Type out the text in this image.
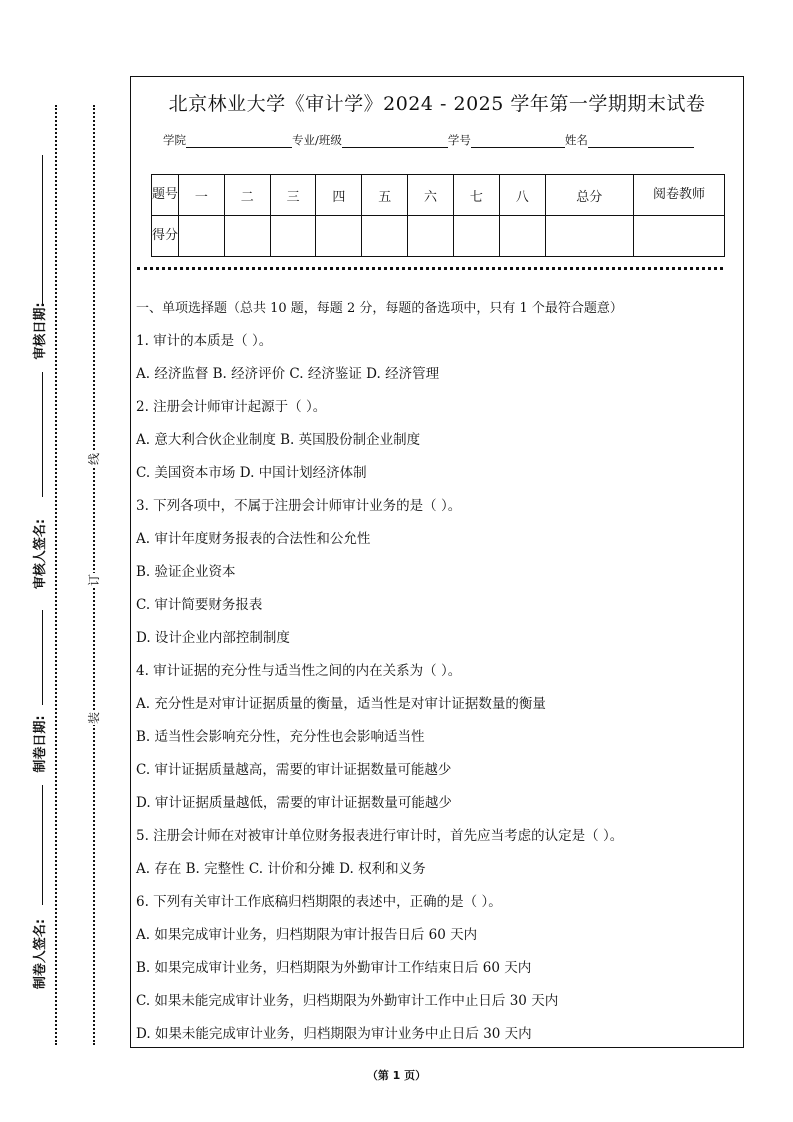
审核日期:
审核人签名:
制卷日期:
制卷人签名:
线
订
装
北京林业大学《审计学》2024 - 2025 学年第一学期期末试卷
学院	专业/班级	学号	姓名
题号	一	二	三	四	五	六	七	八	总分	阅卷教师
得分										
一、单项选择题（总共 10 题，每题 2 分，每题的备选项中，只有 1 个最符合题意）
1. 审计的本质是（ ）。
A. 经济监督 B. 经济评价 C. 经济鉴证 D. 经济管理
2. 注册会计师审计起源于（ ）。
A. 意大利合伙企业制度 B. 英国股份制企业制度
C. 美国资本市场 D. 中国计划经济体制
3. 下列各项中，不属于注册会计师审计业务的是（ ）。
A. 审计年度财务报表的合法性和公允性
B. 验证企业资本
C. 审计简要财务报表
D. 设计企业内部控制制度
4. 审计证据的充分性与适当性之间的内在关系为（ ）。
A. 充分性是对审计证据质量的衡量，适当性是对审计证据数量的衡量
B. 适当性会影响充分性，充分性也会影响适当性
C. 审计证据质量越高，需要的审计证据数量可能越少
D. 审计证据质量越低，需要的审计证据数量可能越少
5. 注册会计师在对被审计单位财务报表进行审计时，首先应当考虑的认定是（ ）。
A. 存在 B. 完整性 C. 计价和分摊 D. 权利和义务
6. 下列有关审计工作底稿归档期限的表述中，正确的是（ ）。
A. 如果完成审计业务，归档期限为审计报告日后 60 天内
B. 如果完成审计业务，归档期限为外勤审计工作结束日后 60 天内
C. 如果未能完成审计业务，归档期限为外勤审计工作中止日后 30 天内
D. 如果未能完成审计业务，归档期限为审计业务中止日后 30 天内
（第 1 页）
